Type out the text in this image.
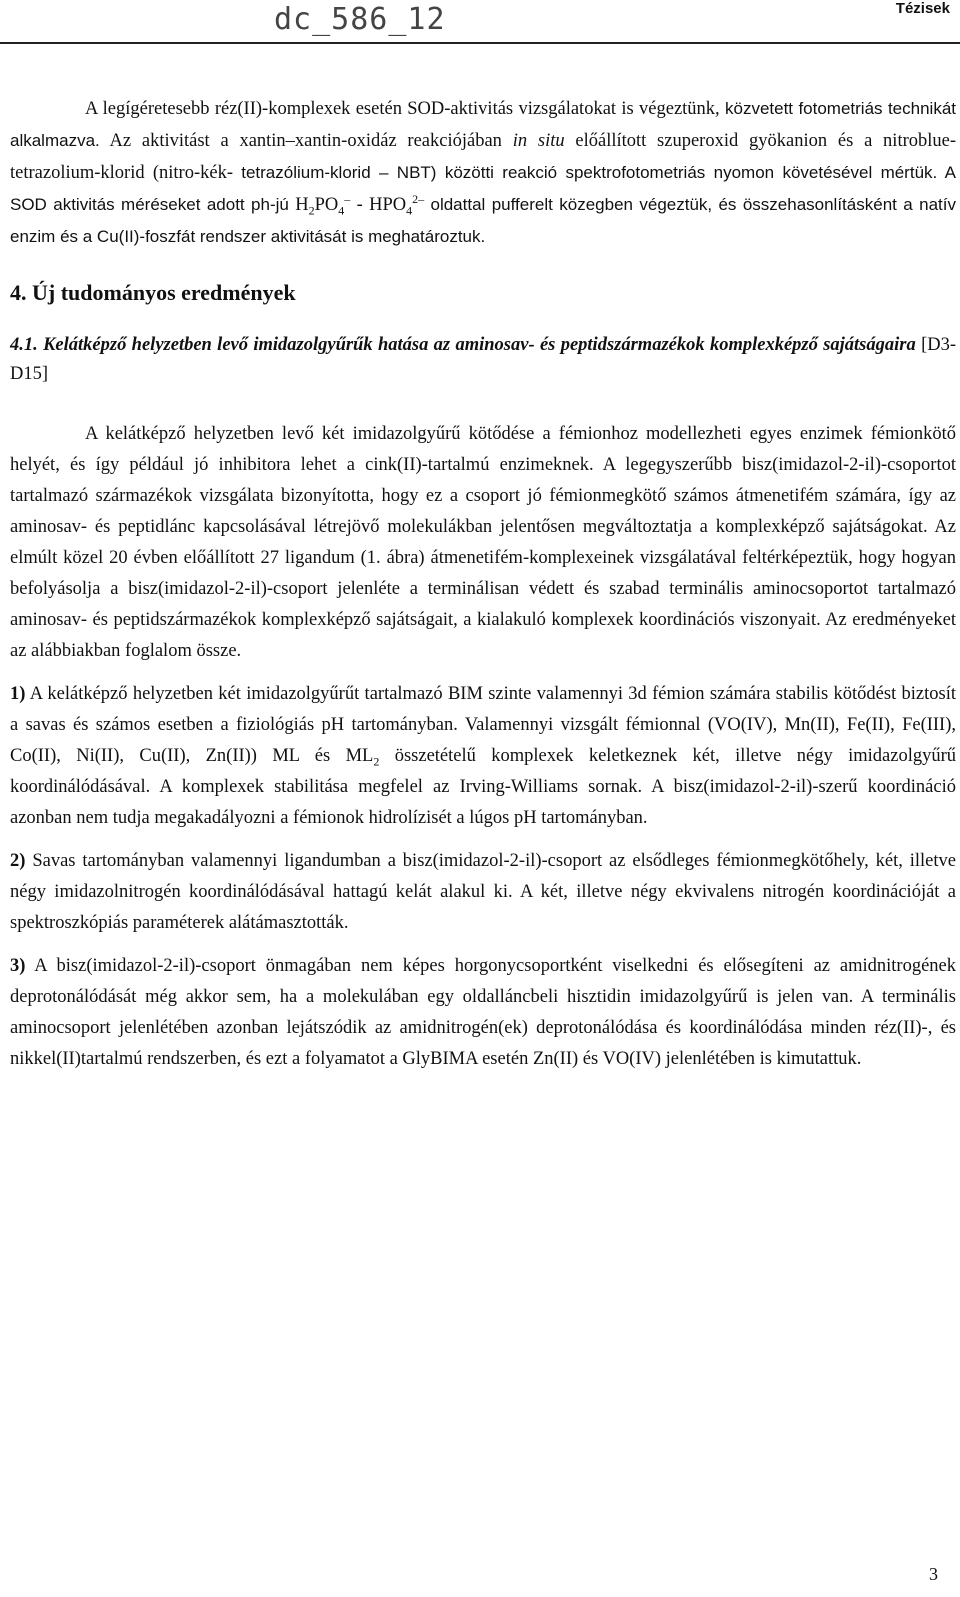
dc_586_12	Tézisek

A legígéretesebb réz(II)-komplexek esetén SOD-aktivitás vizsgálatokat is végeztünk, közvetett fotometriás technikát alkalmazva. Az aktivitást a xantin–xantin-oxidáz reakciójában in situ előállított szuperoxid gyökanion és a nitroblue-tetrazolium-klorid (nitro-kék- tetrazólium-klorid – NBT) közötti reakció spektrofotometriás nyomon követésével mértük. A SOD aktivitás méréseket adott ph-jú $H_2PO_4^- - HPO_4^{2-}$ oldattal pufferelt közegben végeztük, és összehasonlításként a natív enzim és a Cu(II)-foszfát rendszer aktivitását is meghatároztuk.

4. Új tudományos eredmények

4.1. Kelátképző helyzetben levő imidazolgyűrűk hatása az aminosav- és peptidszármazékok komplexképző sajátságaira [D3-D15]

A kelátképző helyzetben levő két imidazolgyűrű kötődése a fémionhoz modellezheti egyes enzimek fémionkötő helyét, és így például jó inhibitora lehet a cink(II)-tartalmú enzimeknek. A legegyszerűbb bisz(imidazol-2-il)-csoportot tartalmazó származékok vizsgálata bizonyította, hogy ez a csoport jó fémionmegkötő számos átmenetifém számára, így az aminosav- és peptidlánc kapcsolásával létrejövő molekulákban jelentősen megváltoztatja a komplexképző sajátságokat. Az elmúlt közel 20 évben előállított 27 ligandum (1. ábra) átmenetifém-komplexeinek vizsgálatával feltérképeztük, hogy hogyan befolyásolja a bisz(imidazol-2-il)-csoport jelenléte a terminálisan védett és szabad terminális aminocsoportot tartalmazó aminosav- és peptidszármazékok komplexképző sajátságait, a kialakuló komplexek koordinációs viszonyait. Az eredményeket az alábbiakban foglalom össze.

1) A kelátképző helyzetben két imidazolgyűrűt tartalmazó BIM szinte valamennyi 3d fémion számára stabilis kötődést biztosít a savas és számos esetben a fiziológiás pH tartományban. Valamennyi vizsgált fémionnal (VO(IV), Mn(II), Fe(II), Fe(III), Co(II), Ni(II), Cu(II), Zn(II)) ML és $ML_2$ összetételű komplexek keletkeznek két, illetve négy imidazolgyűrű koordinálódásával. A komplexek stabilitása megfelel az Irving-Williams sornak. A bisz(imidazol-2-il)-szerű koordináció azonban nem tudja megakadályozni a fémionok hidrolízisét a lúgos pH tartományban.

2) Savas tartományban valamennyi ligandumban a bisz(imidazol-2-il)-csoport az elsődleges fémionmegkötőhely, két, illetve négy imidazolnitrogén koordinálódásával hattagú kelát alakul ki. A két, illetve négy ekvivalens nitrogén koordinációját a spektroszkópiás paraméterek alátámasztották.

3) A bisz(imidazol-2-il)-csoport önmagában nem képes horgonycsoportként viselkedni és elősegíteni az amidnitrogének deprotonálódását még akkor sem, ha a molekulában egy oldalláncbeli hisztidin imidazolgyűrű is jelen van. A terminális aminocsoport jelenlétében azonban lejátszódik az amidnitrogén(ek) deprotonálódása és koordinálódása minden réz(II)-, és nikkel(II)tartalmú rendszerben, és ezt a folyamatot a GlyBIMA esetén Zn(II) és VO(IV) jelenlétében is kimutattuk.

3
